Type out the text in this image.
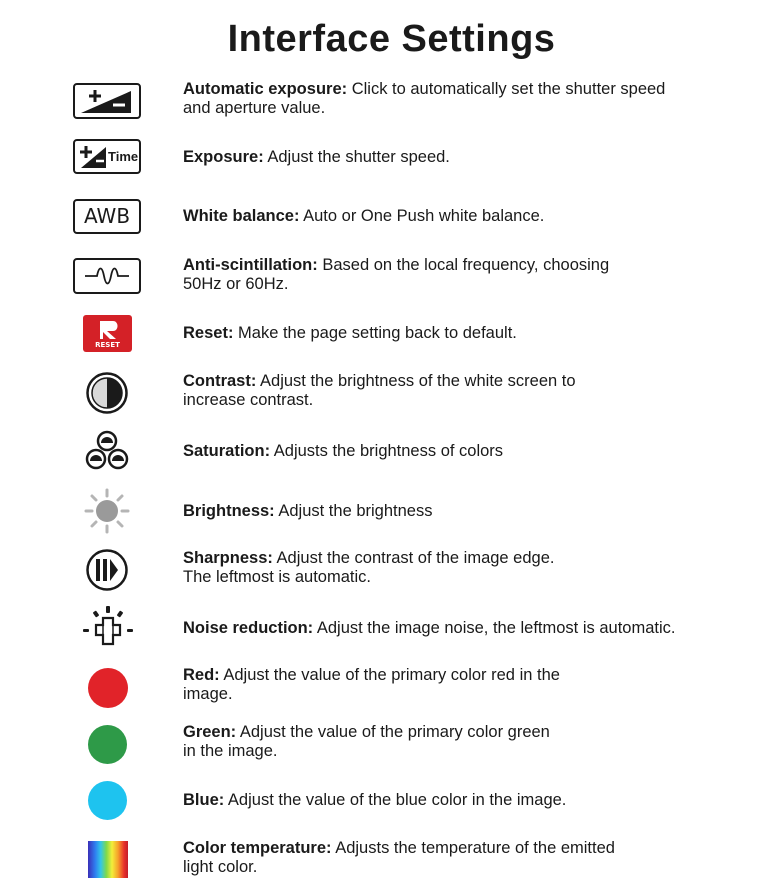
Interface Settings
Automatic exposure: Click to automatically set the shutter speed
and aperture value.
Time	Exposure: Adjust the shutter speed.
AWB	White balance: Auto or One Push white balance.
Anti-scintillation: Based on the local frequency, choosing
50Hz or 60Hz.
RESET
Reset: Make the page setting back to default.
Contrast: Adjust the brightness of the white screen to
increase contrast.
Saturation: Adjusts the brightness of colors
Brightness: Adjust the brightness
Sharpness: Adjust the contrast of the image edge.
The leftmost is automatic.
Noise reduction: Adjust the image noise, the leftmost is automatic.
Red: Adjust the value of the primary color red in the
image.
Green: Adjust the value of the primary color green
in the image.
Blue: Adjust the value of the blue color in the image.
Color temperature: Adjusts the temperature of the emitted
light color.
